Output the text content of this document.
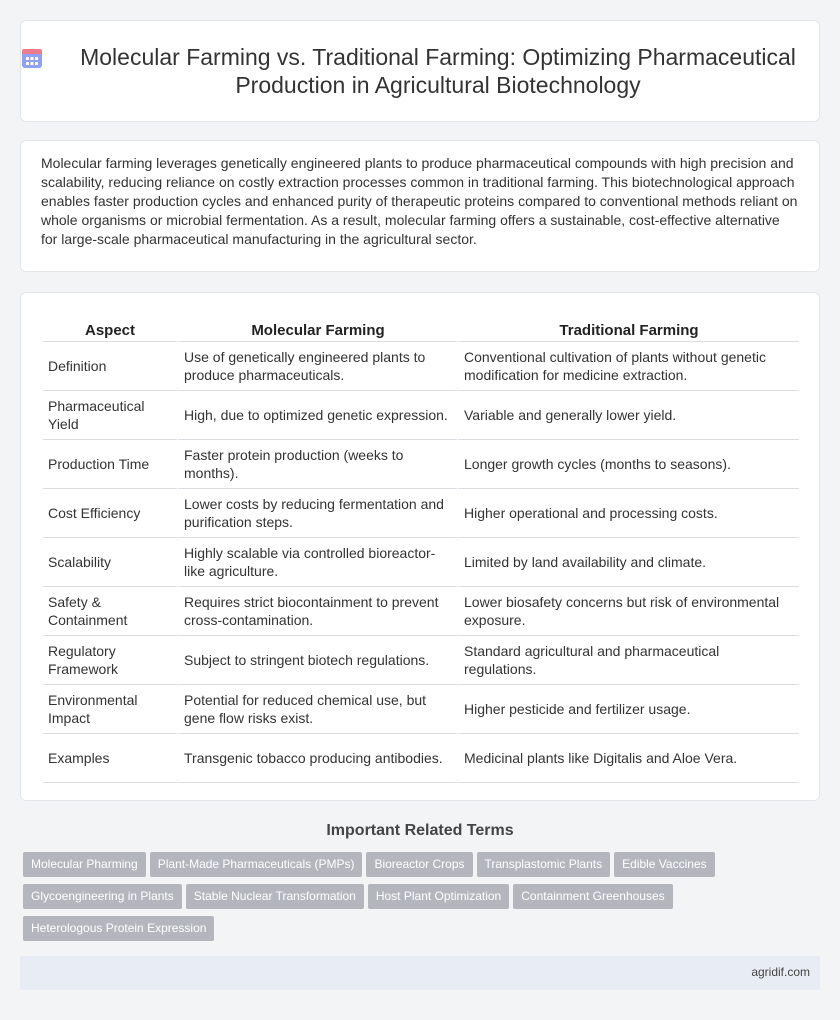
Molecular Farming vs. Traditional Farming: Optimizing Pharmaceutical Production in Agricultural Biotechnology

Molecular farming leverages genetically engineered plants to produce pharmaceutical compounds with high precision and scalability, reducing reliance on costly extraction processes common in traditional farming. This biotechnological approach enables faster production cycles and enhanced purity of therapeutic proteins compared to conventional methods reliant on whole organisms or microbial fermentation. As a result, molecular farming offers a sustainable, cost-effective alternative for large-scale pharmaceutical manufacturing in the agricultural sector.

Aspect	Molecular Farming	Traditional Farming
Definition	Use of genetically engineered plants to produce pharmaceuticals.	Conventional cultivation of plants without genetic modification for medicine extraction.
Pharmaceutical Yield	High, due to optimized genetic expression.	Variable and generally lower yield.
Production Time	Faster protein production (weeks to months).	Longer growth cycles (months to seasons).
Cost Efficiency	Lower costs by reducing fermentation and purification steps.	Higher operational and processing costs.
Scalability	Highly scalable via controlled bioreactor-like agriculture.	Limited by land availability and climate.
Safety & Containment	Requires strict biocontainment to prevent cross-contamination.	Lower biosafety concerns but risk of environmental exposure.
Regulatory Framework	Subject to stringent biotech regulations.	Standard agricultural and pharmaceutical regulations.
Environmental Impact	Potential for reduced chemical use, but gene flow risks exist.	Higher pesticide and fertilizer usage.
Examples	Transgenic tobacco producing antibodies.	Medicinal plants like Digitalis and Aloe Vera.
Important Related Terms
Molecular Pharming	Plant-Made Pharmaceuticals (PMPs)	Bioreactor Crops	Transplastomic Plants	Edible Vaccines
Glycoengineering in Plants	Stable Nuclear Transformation	Host Plant Optimization	Containment Greenhouses
Heterologous Protein Expression
agridif.com
